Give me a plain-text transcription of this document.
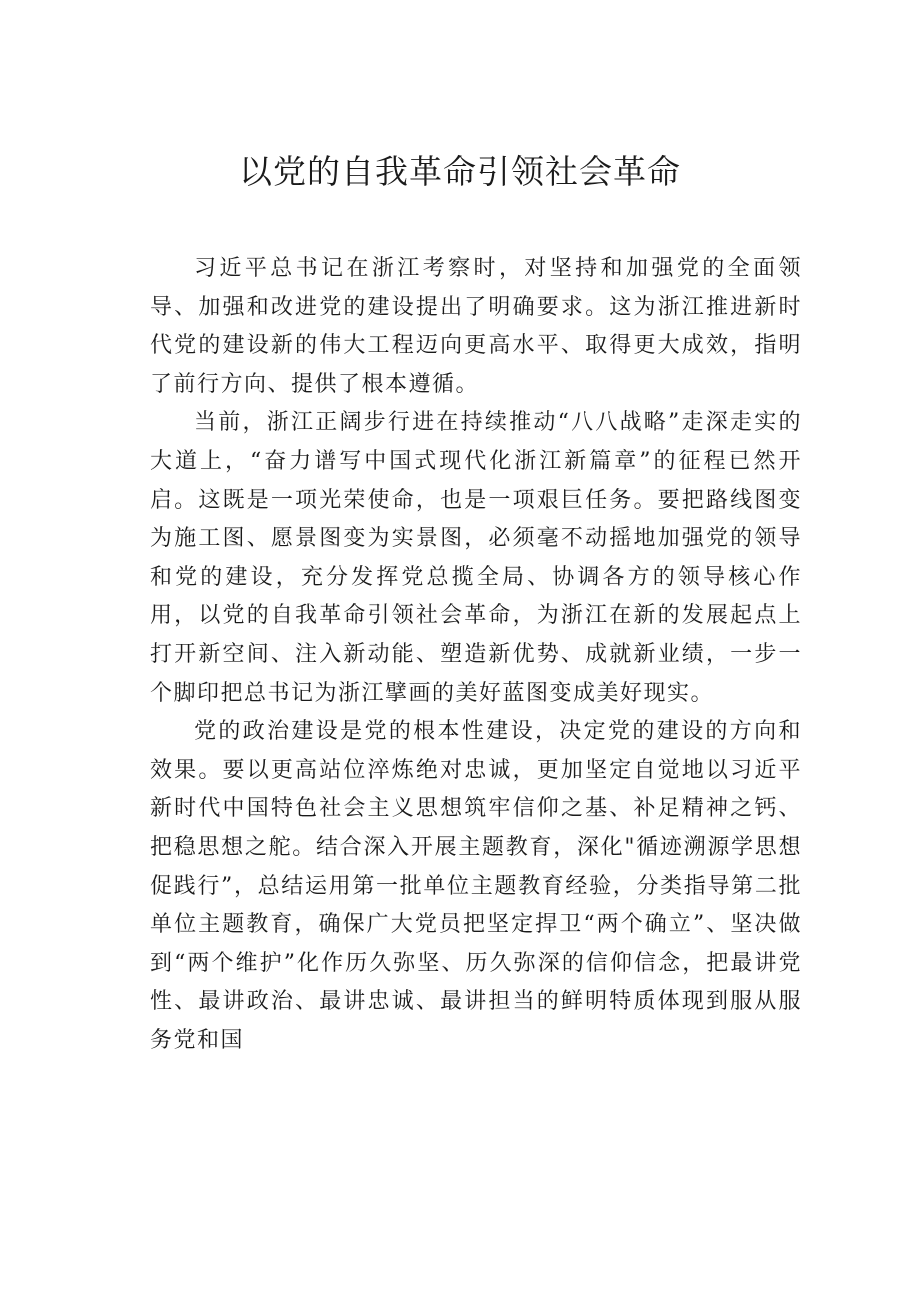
以党的自我革命引领社会革命

习近平总书记在浙江考察时，对坚持和加强党的全面领导、加强和改进党的建设提出了明确要求。这为浙江推进新时代党的建设新的伟大工程迈向更高水平、取得更大成效，指明了前行方向、提供了根本遵循。

当前，浙江正阔步行进在持续推动“八八战略”走深走实的大道上，“奋力谱写中国式现代化浙江新篇章”的征程已然开启。这既是一项光荣使命，也是一项艰巨任务。要把路线图变为施工图、愿景图变为实景图，必须毫不动摇地加强党的领导和党的建设，充分发挥党总揽全局、协调各方的领导核心作用，以党的自我革命引领社会革命，为浙江在新的发展起点上打开新空间、注入新动能、塑造新优势、成就新业绩，一步一个脚印把总书记为浙江擘画的美好蓝图变成美好现实。

党的政治建设是党的根本性建设，决定党的建设的方向和效果。要以更高站位淬炼绝对忠诚，更加坚定自觉地以习近平新时代中国特色社会主义思想筑牢信仰之基、补足精神之钙、把稳思想之舵。结合深入开展主题教育，深化"循迹溯源学思想促践行”，总结运用第一批单位主题教育经验，分类指导第二批单位主题教育，确保广大党员把坚定捍卫“两个确立”、坚决做到“两个维护”化作历久弥坚、历久弥深的信仰信念，把最讲党性、最讲政治、最讲忠诚、最讲担当的鲜明特质体现到服从服务党和国
